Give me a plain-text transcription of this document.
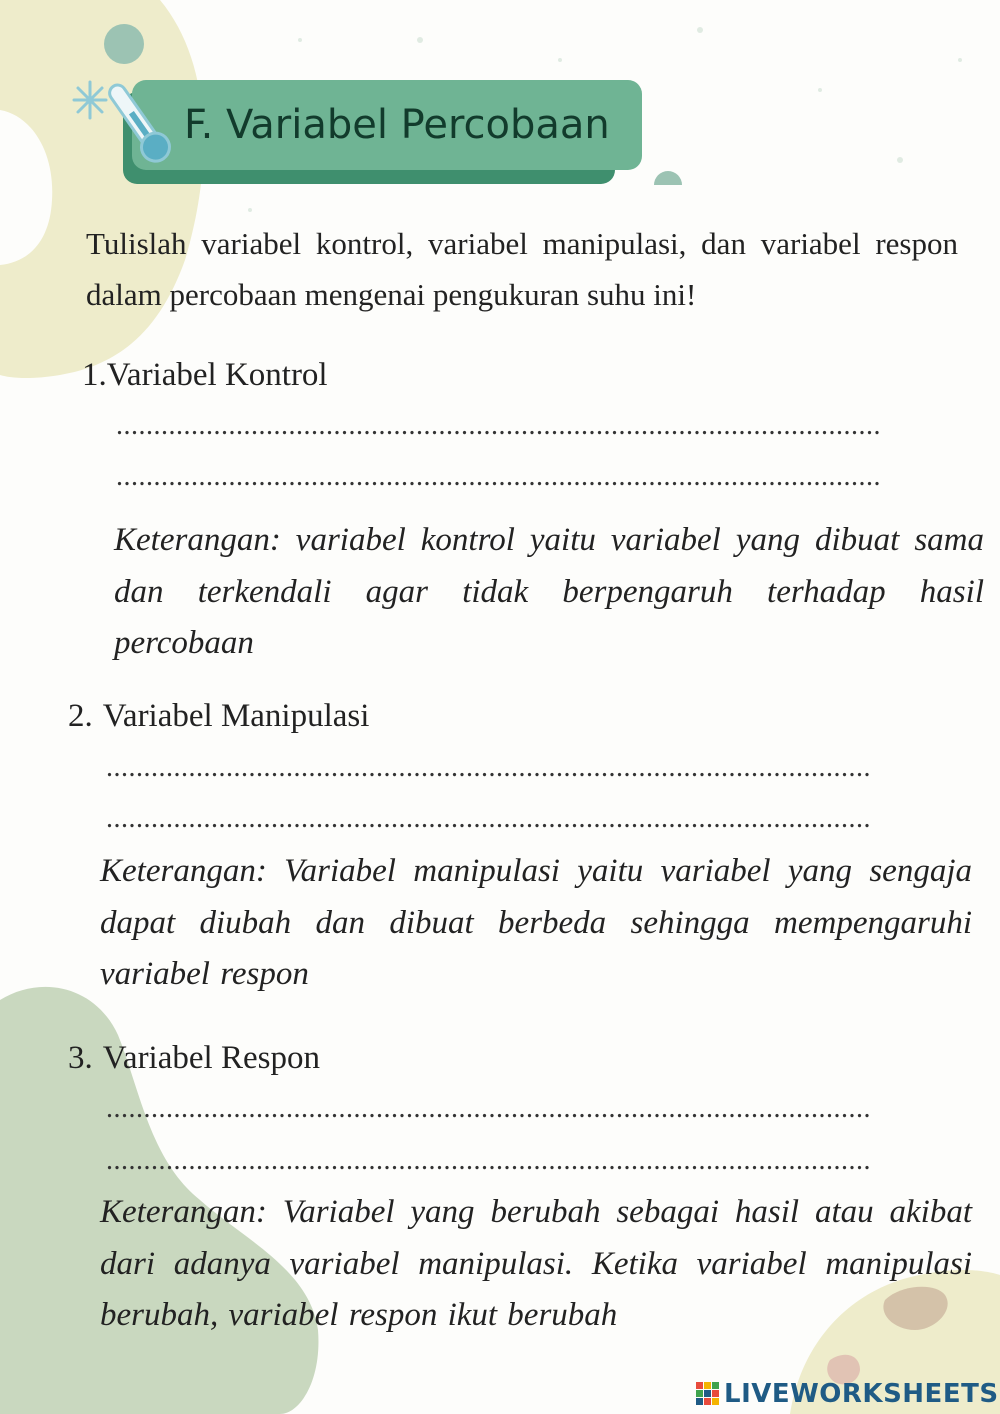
F. Variabel Percobaan
Tulislah variabel kontrol, variabel manipulasi, dan variabel respon dalam percobaan mengenai pengukuran suhu ini!
1.Variabel Kontrol
......................................................................................................
......................................................................................................
Keterangan: variabel kontrol yaitu variabel yang dibuat sama dan terkendali agar tidak berpengaruh terhadap hasil percobaan
2. Variabel Manipulasi
......................................................................................................
......................................................................................................
Keterangan: Variabel manipulasi yaitu variabel yang sengaja dapat diubah dan dibuat berbeda sehingga mempengaruhi variabel respon
3. Variabel Respon
......................................................................................................
......................................................................................................
Keterangan: Variabel yang berubah sebagai hasil atau akibat dari adanya variabel manipulasi. Ketika variabel manipulasi berubah, variabel respon ikut berubah
LIVEWORKSHEETS
